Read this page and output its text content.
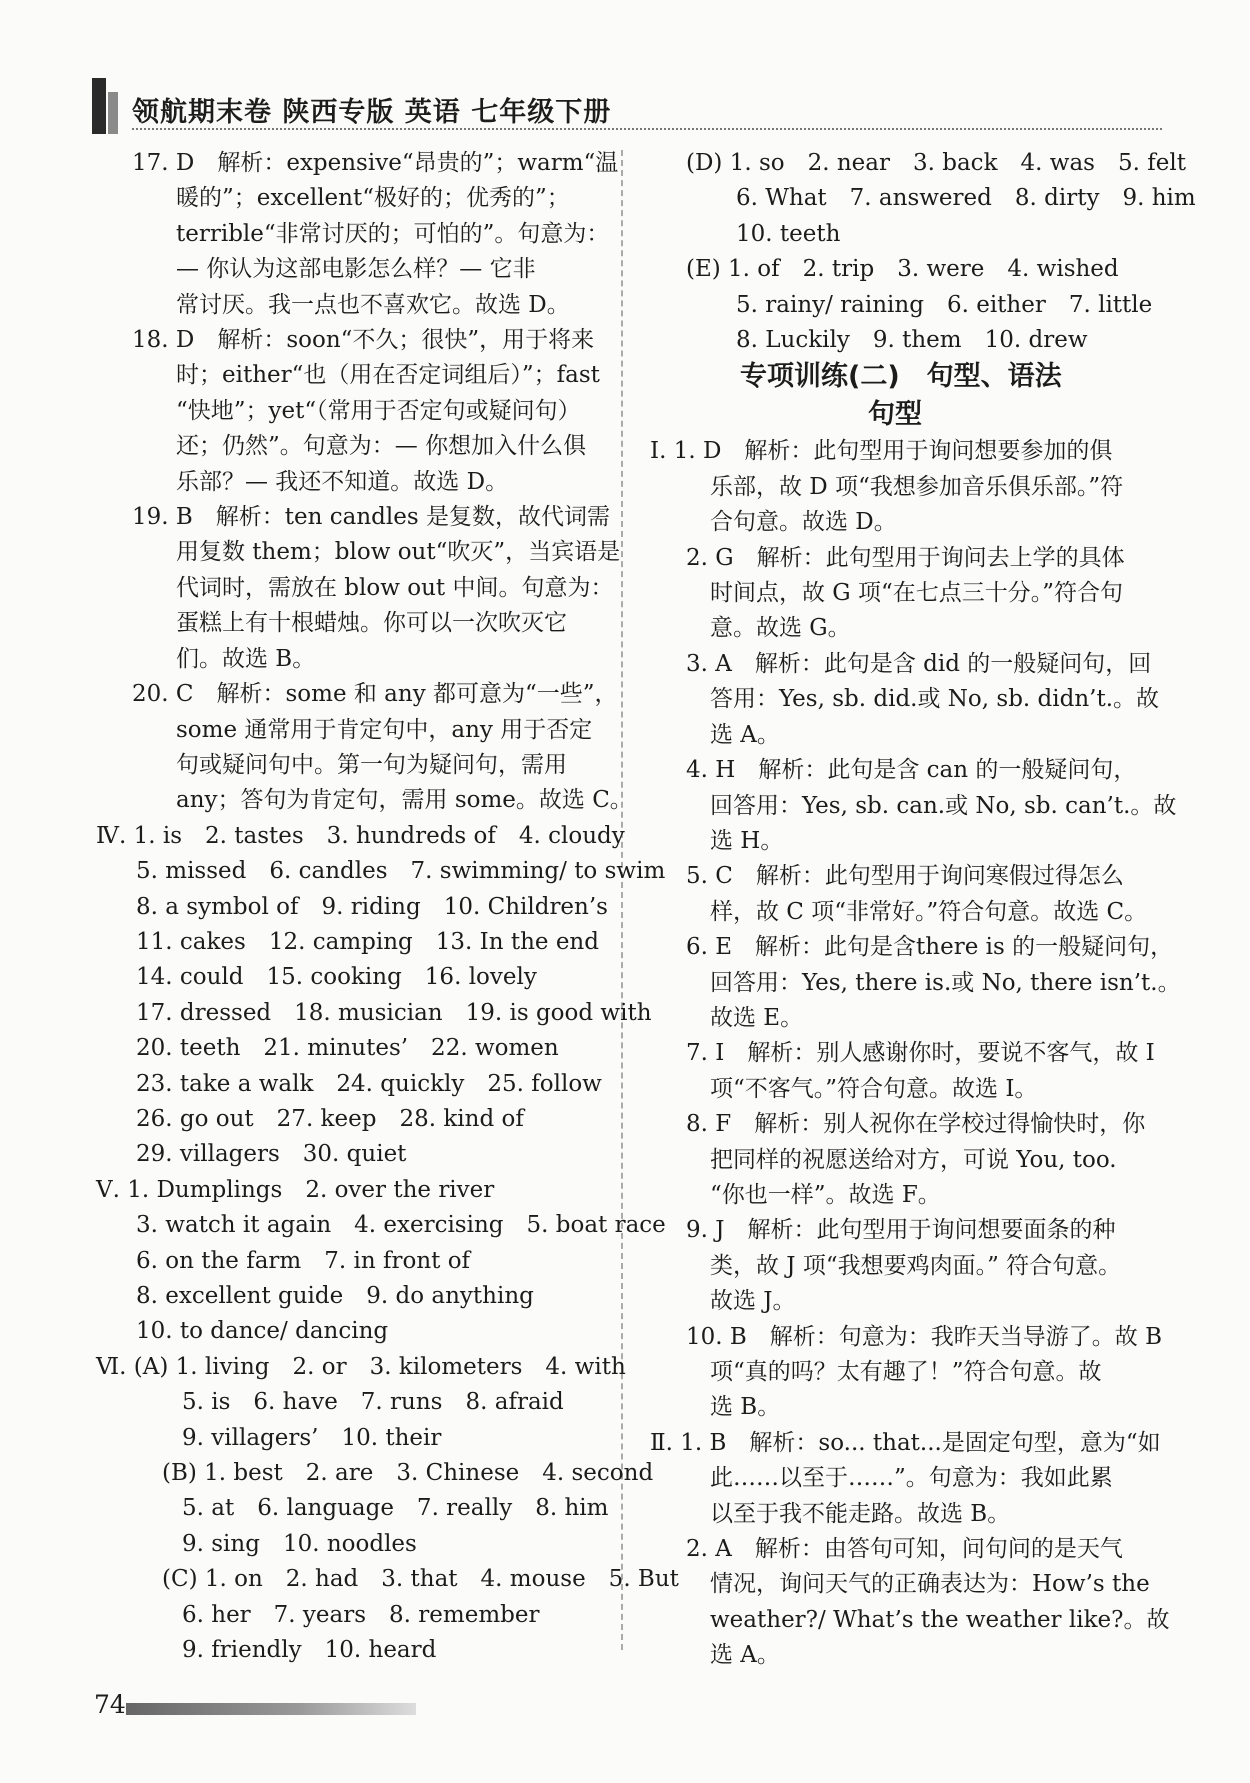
领航期末卷 陕西专版 英语 七年级下册
17. D　解析：expensive“昂贵的”；warm“温
暖的”；excellent“极好的；优秀的”；
terrible“非常讨厌的；可怕的”。句意为：
— 你认为这部电影怎么样？— 它非
常讨厌。我一点也不喜欢它。故选 D。
18. D　解析：soon“不久；很快”，用于将来
时；either“也（用在否定词组后）”；fast
“快地”；yet“（常用于否定句或疑问句）
还；仍然”。句意为：— 你想加入什么俱
乐部？— 我还不知道。故选 D。
19. B　解析：ten candles 是复数，故代词需
用复数 them；blow out“吹灭”，当宾语是
代词时，需放在 blow out 中间。句意为：
蛋糕上有十根蜡烛。你可以一次吹灭它
们。故选 B。
20. C　解析：some 和 any 都可意为“一些”，
some 通常用于肯定句中，any 用于否定
句或疑问句中。第一句为疑问句，需用
any；答句为肯定句，需用 some。故选 C。
Ⅳ. 1. is　2. tastes　3. hundreds of　4. cloudy
5. missed　6. candles　7. swimming/ to swim
8. a symbol of　9. riding　10. Children’s
11. cakes　12. camping　13. In the end
14. could　15. cooking　16. lovely
17. dressed　18. musician　19. is good with
20. teeth　21. minutes’　22. women
23. take a walk　24. quickly　25. follow
26. go out　27. keep　28. kind of
29. villagers　30. quiet
Ⅴ. 1. Dumplings　2. over the river
3. watch it again　4. exercising　5. boat race
6. on the farm　7. in front of
8. excellent guide　9. do anything
10. to dance/ dancing
Ⅵ. (A) 1. living　2. or　3. kilometers　4. with
5. is　6. have　7. runs　8. afraid
9. villagers’　10. their
(B) 1. best　2. are　3. Chinese　4. second
5. at　6. language　7. really　8. him
9. sing　10. noodles
(C) 1. on　2. had　3. that　4. mouse　5. But
6. her　7. years　8. remember
9. friendly　10. heard
(D) 1. so　2. near　3. back　4. was　5. felt
6. What　7. answered　8. dirty　9. him
10. teeth
(E) 1. of　2. trip　3. were　4. wished
5. rainy/ raining　6. either　7. little
8. Luckily　9. them　10. drew
专项训练(二)　句型、语法
句型
Ⅰ. 1. D　解析：此句型用于询问想要参加的俱
乐部，故 D 项“我想参加音乐俱乐部。”符
合句意。故选 D。
2. G　解析：此句型用于询问去上学的具体
时间点，故 G 项“在七点三十分。”符合句
意。故选 G。
3. A　解析：此句是含 did 的一般疑问句，回
答用：Yes, sb. did.或 No, sb. didn’t.。故
选 A。
4. H　解析：此句是含 can 的一般疑问句，
回答用：Yes, sb. can.或 No, sb. can’t.。故
选 H。
5. C　解析：此句型用于询问寒假过得怎么
样，故 C 项“非常好。”符合句意。故选 C。
6. E　解析：此句是含there is 的一般疑问句，
回答用：Yes, there is.或 No, there isn’t.。
故选 E。
7. I　解析：别人感谢你时，要说不客气，故 I
项“不客气。”符合句意。故选 I。
8. F　解析：别人祝你在学校过得愉快时，你
把同样的祝愿送给对方，可说 You, too.
“你也一样”。故选 F。
9. J　解析：此句型用于询问想要面条的种
类，故 J 项“我想要鸡肉面。” 符合句意。
故选 J。
10. B　解析：句意为：我昨天当导游了。故 B
项“真的吗？太有趣了！”符合句意。故
选 B。
Ⅱ. 1. B　解析：so... that...是固定句型，意为“如
此……以至于……”。句意为：我如此累
以至于我不能走路。故选 B。
2. A　解析：由答句可知，问句问的是天气
情况，询问天气的正确表达为：How’s the
weather?/ What’s the weather like?。故
选 A。
74
